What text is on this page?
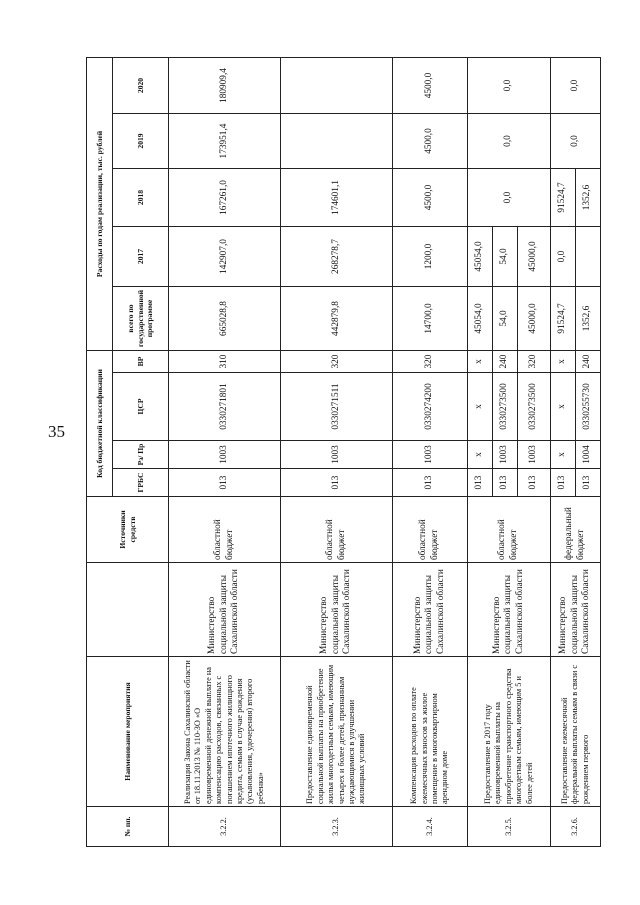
35
№ пп.	Наименование мероприятия		Источники средств	Код бюджетной классификации				Расходы по годам реализации, тыс. рублей				
				ГРБС	Рз/ Пр	ЦСР	ВР	всего по государственной программе	2017	2018	2019	2020
3.2.2.	Реализация Закона Сахалинской области от 18.11.2013 № 110-ЗО «О единовременной денежной выплате на компенсацию расходов, связанных с погашением ипотечного жилищного кредита, семьям в случае рождения (усыновления, удочерения) второго ребенка»	Министерство социальной защиты Сахалинской области	областной бюджет	013	1003	0330271801	310	665028,8	142907,0	167261,0	173951,4	180909,4
3.2.3.	Предоставление единовременной социальной выплаты на приобретение жилья многодетным семьям, имеющим четырех и более детей, признанным нуждающимися в улучшении жилищных условий	Министерство социальной защиты Сахалинской области	областной бюджет	013	1003	0330271511	320	442879,8	268278,7	174601,1		
3.2.4.	Компенсация расходов по оплате ежемесячных взносов за жилое помещение в многоквартирном арендном доме	Министерство социальной защиты Сахалинской области	областной бюджет	013	1003	0330274200	320	14700,0	1200,0	4500,0	4500,0	4500,0
3.2.5.	Предоставление в 2017 году единовременной выплаты на приобретение транспортного средства многодетным семьям, имеющим 5 и более детей	Министерство социальной защиты Сахалинской области	областной бюджет	013	х	х	х	45054,0	45054,0	0,0	0,0	0,0
				013	1003	0330273500	240	54,0	54,0			
				013	1003	0330273500	320	45000,0	45000,0			
3.2.6.	Предоставление ежемесячной федеральной выплаты семьям в связи с рождением первого	Министерство социальной защиты Сахалинской области	федеральный бюджет	013	х	х	х	91524,7	0,0	91524,7	0,0	0,0
				013	1004	0330255730	240	1352,6		1352,6		
